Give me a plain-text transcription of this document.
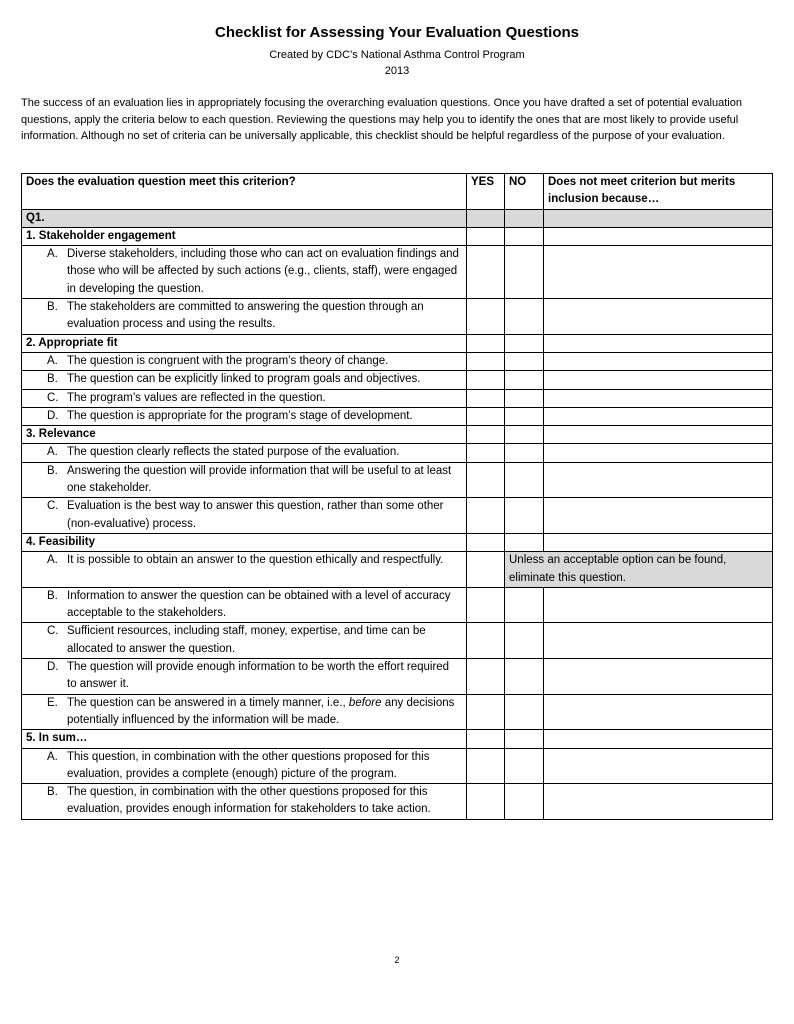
Checklist for Assessing Your Evaluation Questions
Created by CDC’s National Asthma Control Program
2013
The success of an evaluation lies in appropriately focusing the overarching evaluation questions. Once you have drafted a set of potential evaluation questions, apply the criteria below to each question. Reviewing the questions may help you to identify the ones that are most likely to provide useful information. Although no set of criteria can be universally applicable, this checklist should be helpful regardless of the purpose of your evaluation.
Does the evaluation question meet this criterion?	YES	NO	Does not meet criterion but merits inclusion because…
Q1.			
1. Stakeholder engagement			
A. Diverse stakeholders, including those who can act on evaluation findings and those who will be affected by such actions (e.g., clients, staff), were engaged in developing the question.			
B. The stakeholders are committed to answering the question through an evaluation process and using the results.			
2. Appropriate fit			
A. The question is congruent with the program’s theory of change.			
B. The question can be explicitly linked to program goals and objectives.			
C. The program’s values are reflected in the question.			
D. The question is appropriate for the program’s stage of development.			
3. Relevance			
A. The question clearly reflects the stated purpose of the evaluation.			
B. Answering the question will provide information that will be useful to at least one stakeholder.			
C. Evaluation is the best way to answer this question, rather than some other (non-evaluative) process.			
4. Feasibility			
A. It is possible to obtain an answer to the question ethically and respectfully.		Unless an acceptable option can be found, eliminate this question.	
B. Information to answer the question can be obtained with a level of accuracy acceptable to the stakeholders.			
C. Sufficient resources, including staff, money, expertise, and time can be allocated to answer the question.			
D. The question will provide enough information to be worth the effort required to answer it.			
E. The question can be answered in a timely manner, i.e., before any decisions potentially influenced by the information will be made.			
5. In sum…			
A. This question, in combination with the other questions proposed for this evaluation, provides a complete (enough) picture of the program.			
B. The question, in combination with the other questions proposed for this evaluation, provides enough information for stakeholders to take action.			
2
